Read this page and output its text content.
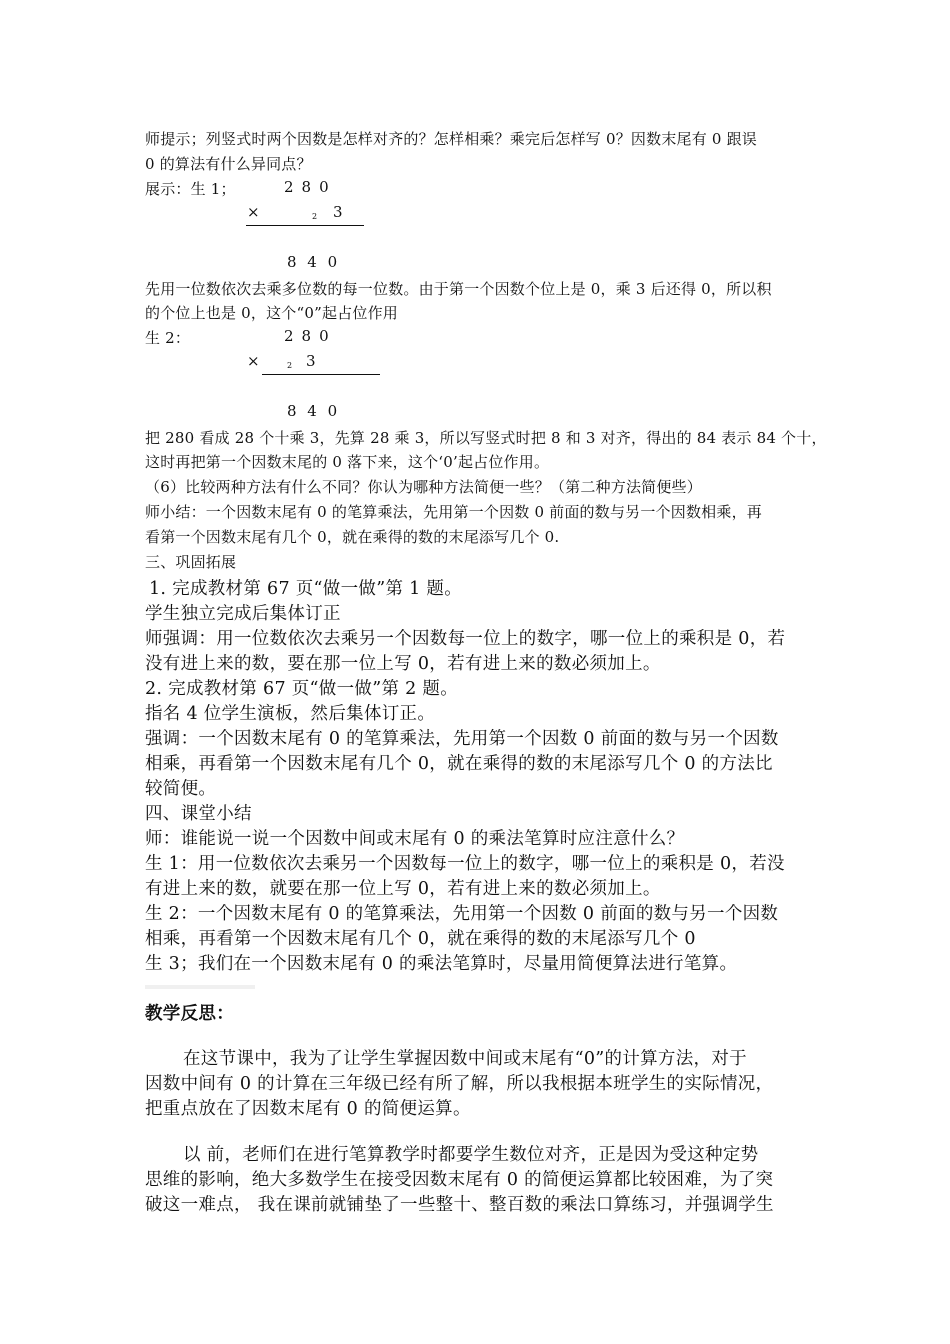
师提示；列竖式时两个因数是怎样对齐的？怎样相乘？乘完后怎样写 0？因数末尾有 0 跟误
0 的算法有什么异同点？
展示：生 1；	280
×	2 3
8 4 0
先用一位数依次去乘多位数的每一位数。由于第一个因数个位上是 0，乘 3 后还得 0，所以积
的个位上也是 0，这个“0”起占位作用
生 2：	280
× 2 3
8 4 0
把 280 看成 28 个十乘 3，先算 28 乘 3，所以写竖式时把 8 和 3 对齐，得出的 84 表示 84 个十，
这时再把第一个因数末尾的 0 落下来，这个‘0’起占位作用。
（6）比较两种方法有什么不同？你认为哪种方法简便一些？（第二种方法简便些）
师小结：一个因数末尾有 0 的笔算乘法，先用第一个因数 0 前面的数与另一个因数相乘，再
看第一个因数末尾有几个 0，就在乘得的数的末尾添写几个 0.
三、巩固拓展
1. 完成教材第 67 页“做一做”第 1 题。
学生独立完成后集体订正
师强调：用一位数依次去乘另一个因数每一位上的数字，哪一位上的乘积是 0，若
没有进上来的数，要在那一位上写 0，若有进上来的数必须加上。
2. 完成教材第 67 页“做一做”第 2 题。
指名 4 位学生演板，然后集体订正。
强调：一个因数末尾有 0 的笔算乘法，先用第一个因数 0 前面的数与另一个因数
相乘，再看第一个因数末尾有几个 0，就在乘得的数的末尾添写几个 0 的方法比
较简便。
四、课堂小结
师：谁能说一说一个因数中间或末尾有 0 的乘法笔算时应注意什么？
生 1：用一位数依次去乘另一个因数每一位上的数字，哪一位上的乘积是 0，若没
有进上来的数，就要在那一位上写 0，若有进上来的数必须加上。
生 2：一个因数末尾有 0 的笔算乘法，先用第一个因数 0 前面的数与另一个因数
相乘，再看第一个因数末尾有几个 0，就在乘得的数的末尾添写几个 0
生 3；我们在一个因数末尾有 0 的乘法笔算时，尽量用简便算法进行笔算。
教学反思：
在这节课中，我为了让学生掌握因数中间或末尾有“0”的计算方法，对于
因数中间有 0 的计算在三年级已经有所了解，所以我根据本班学生的实际情况，
把重点放在了因数末尾有 0 的简便运算。
以 前，老师们在进行笔算教学时都要学生数位对齐，正是因为受这种定势
思维的影响，绝大多数学生在接受因数末尾有 0 的简便运算都比较困难，为了突
破这一难点， 我在课前就铺垫了一些整十、整百数的乘法口算练习，并强调学生
